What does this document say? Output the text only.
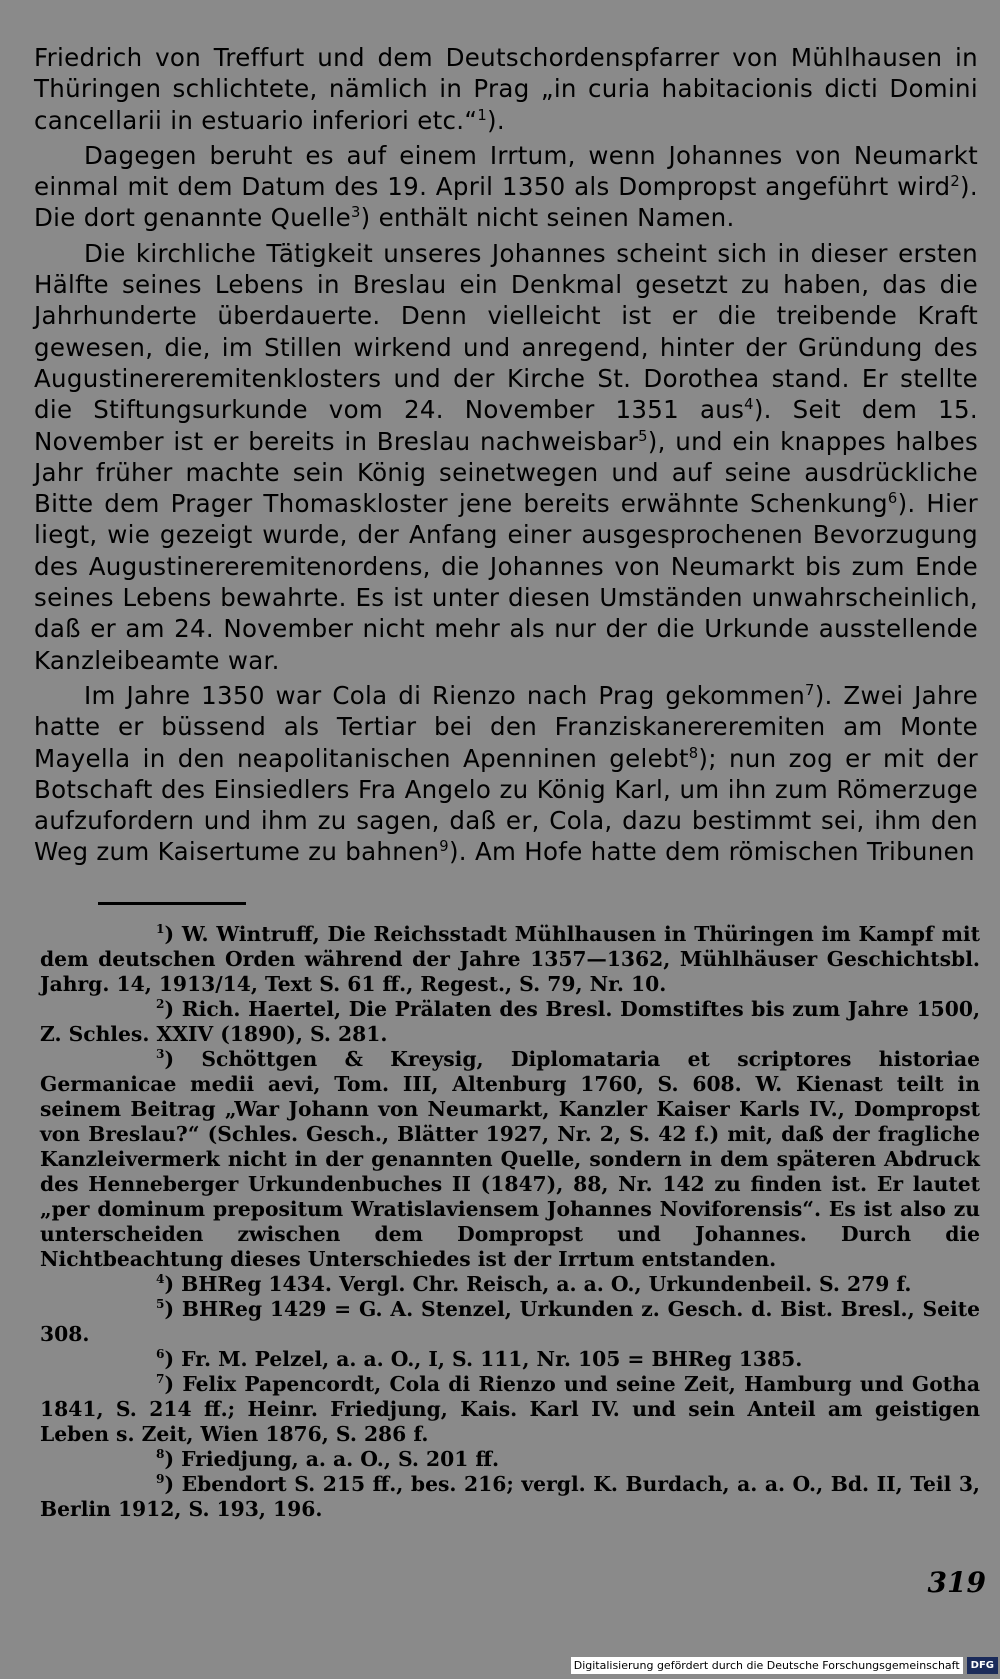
Friedrich von Treffurt und dem Deutschordenspfarrer von Mühlhausen in Thüringen schlichtete, nämlich in Prag „in curia habitacionis dicti Domini cancellarii in estuario inferiori etc.“$^1$).

Dagegen beruht es auf einem Irrtum, wenn Johannes von Neumarkt einmal mit dem Datum des 19. April 1350 als Dompropst angeführt wird$^2$). Die dort genannte Quelle$^3$) enthält nicht seinen Namen.

Die kirchliche Tätigkeit unseres Johannes scheint sich in dieser ersten Hälfte seines Lebens in Breslau ein Denkmal gesetzt zu haben, das die Jahrhunderte überdauerte. Denn vielleicht ist er die treibende Kraft gewesen, die, im Stillen wirkend und anregend, hinter der Gründung des Augustinereremitenklosters und der Kirche St. Dorothea stand. Er stellte die Stiftungsurkunde vom 24. November 1351 aus$^4$). Seit dem 15. November ist er bereits in Breslau nachweisbar$^5$), und ein knappes halbes Jahr früher machte sein König seinetwegen und auf seine ausdrückliche Bitte dem Prager Thomaskloster jene bereits erwähnte Schenkung$^6$). Hier liegt, wie gezeigt wurde, der Anfang einer ausgesprochenen Bevorzugung des Augustinereremitenordens, die Johannes von Neumarkt bis zum Ende seines Lebens bewahrte. Es ist unter diesen Umständen unwahrscheinlich, daß er am 24. November nicht mehr als nur der die Urkunde ausstellende Kanzleibeamte war.

Im Jahre 1350 war Cola di Rienzo nach Prag gekommen$^7$). Zwei Jahre hatte er büssend als Tertiar bei den Franziskanereremiten am Monte Mayella in den neapolitanischen Apenninen gelebt$^8$); nun zog er mit der Botschaft des Einsiedlers Fra Angelo zu König Karl, um ihn zum Römerzuge aufzufordern und ihm zu sagen, daß er, Cola, dazu bestimmt sei, ihm den Weg zum Kaisertume zu bahnen$^9$). Am Hofe hatte dem römischen Tribunen

$^1$) W. Wintruff, Die Reichsstadt Mühlhausen in Thüringen im Kampf mit dem deutschen Orden während der Jahre 1357—1362, Mühlhäuser Geschichtsbl. Jahrg. 14, 1913/14, Text S. 61 ff., Regest., S. 79, Nr. 10.
$^2$) Rich. Haertel, Die Prälaten des Bresl. Domstiftes bis zum Jahre 1500, Z. Schles. XXIV (1890), S. 281.
$^3$) Schöttgen & Kreysig, Diplomataria et scriptores historiae Germanicae medii aevi, Tom. III, Altenburg 1760, S. 608. W. Kienast teilt in seinem Beitrag „War Johann von Neumarkt, Kanzler Kaiser Karls IV., Dompropst von Breslau?“ (Schles. Gesch., Blätter 1927, Nr. 2, S. 42 f.) mit, daß der fragliche Kanzleivermerk nicht in der genannten Quelle, sondern in dem späteren Abdruck des Henneberger Urkundenbuches II (1847), 88, Nr. 142 zu finden ist. Er lautet „per dominum prepositum Wratislaviensem Johannes Noviforensis“. Es ist also zu unterscheiden zwischen dem Dompropst und Johannes. Durch die Nichtbeachtung dieses Unterschiedes ist der Irrtum entstanden.
$^4$) BHReg 1434. Vergl. Chr. Reisch, a. a. O., Urkundenbeil. S. 279 f.
$^5$) BHReg 1429 = G. A. Stenzel, Urkunden z. Gesch. d. Bist. Bresl., Seite 308.
$^6$) Fr. M. Pelzel, a. a. O., I, S. 111, Nr. 105 = BHReg 1385.
$^7$) Felix Papencordt, Cola di Rienzo und seine Zeit, Hamburg und Gotha 1841, S. 214 ff.; Heinr. Friedjung, Kais. Karl IV. und sein Anteil am geistigen Leben s. Zeit, Wien 1876, S. 286 f.
$^8$) Friedjung, a. a. O., S. 201 ff.
$^9$) Ebendort S. 215 ff., bes. 216; vergl. K. Burdach, a. a. O., Bd. II, Teil 3, Berlin 1912, S. 193, 196.
319
Digitalisierung gefördert durch die Deutsche Forschungsgemeinschaft	DFG
